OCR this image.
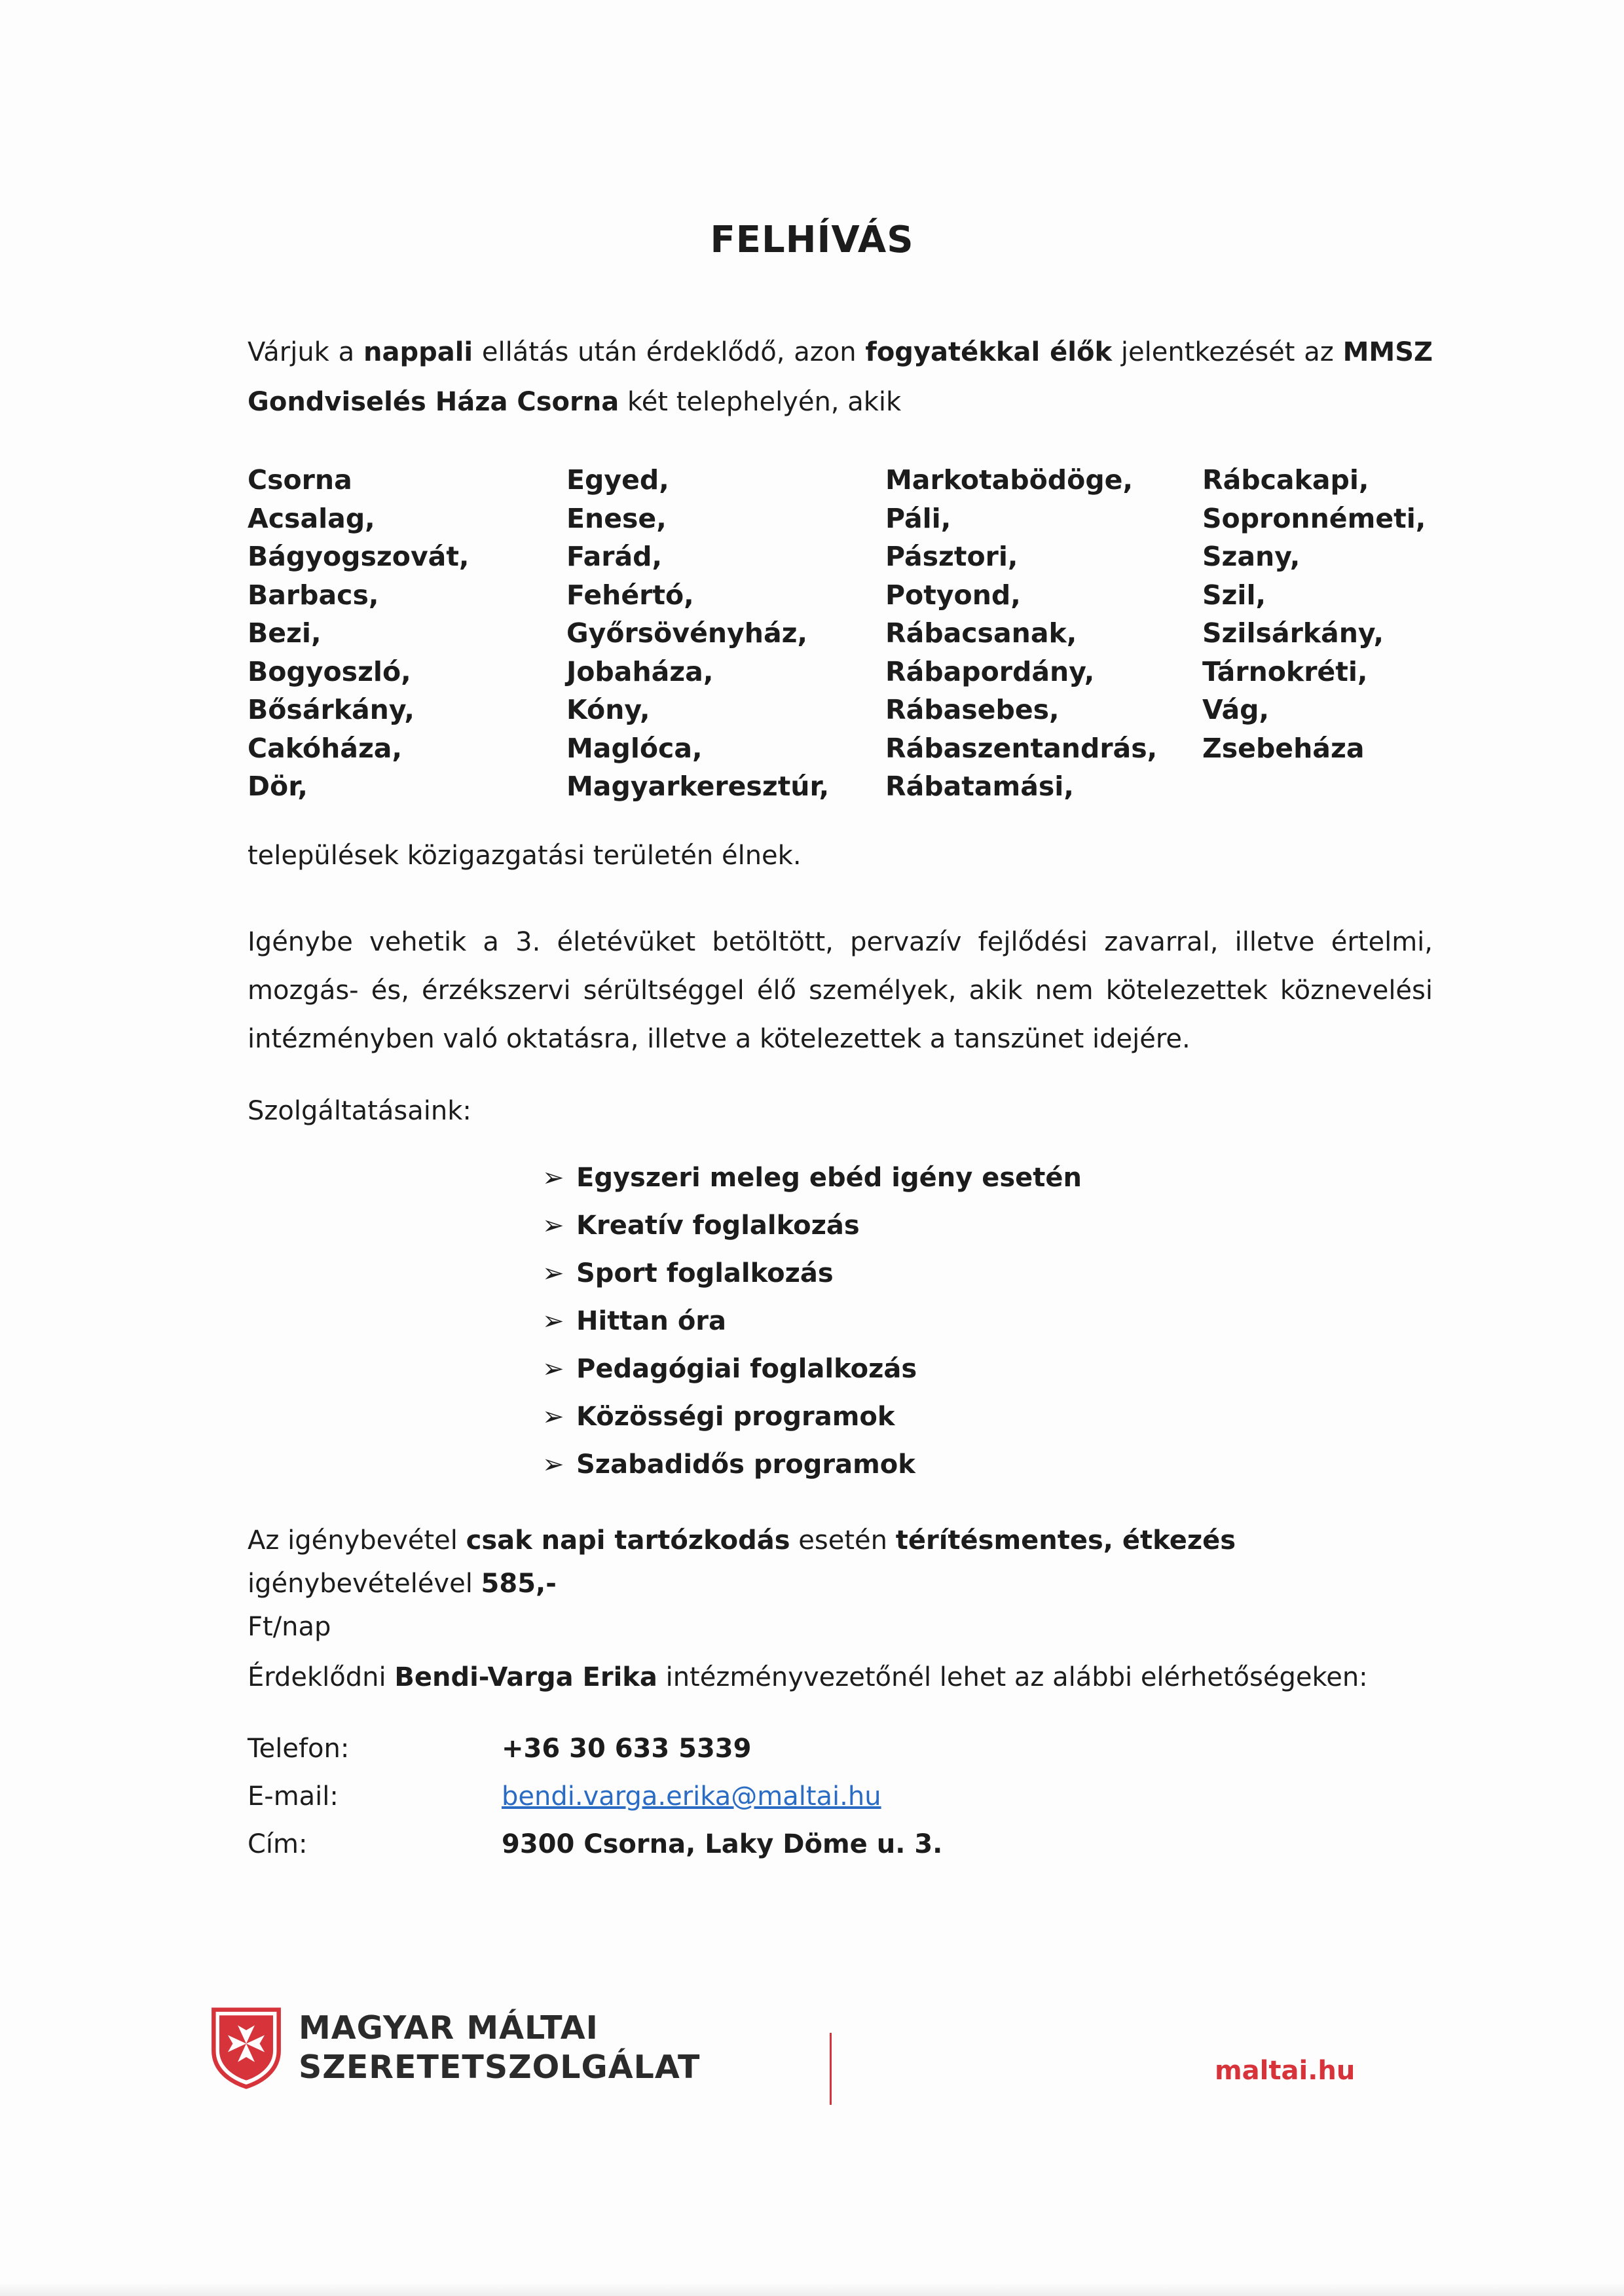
FELHÍVÁS
Várjuk a nappali ellátás után érdeklődő, azon fogyatékkal élők jelentkezését az MMSZ Gondviselés Háza Csorna két telephelyén, akik
Csorna
Acsalag,
Bágyogszovát,
Barbacs,
Bezi,
Bogyoszló,
Bősárkány,
Cakóháza,
Dör,
Egyed,
Enese,
Farád,
Fehértó,
Győrsövényház,
Jobaháza,
Kóny,
Maglóca,
Magyarkeresztúr,
Markotabödöge,
Páli,
Pásztori,
Potyond,
Rábacsanak,
Rábapordány,
Rábasebes,
Rábaszentandrás,
Rábatamási,
Rábcakapi,
Sopronnémeti,
Szany,
Szil,
Szilsárkány,
Tárnokréti,
Vág,
Zsebeháza
települések közigazgatási területén élnek.
Igénybe vehetik a 3. életévüket betöltött, pervazív fejlődési zavarral, illetve értelmi, mozgás- és, érzékszervi sérültséggel élő személyek, akik nem kötelezettek köznevelési intézményben való oktatásra, illetve a kötelezettek a tanszünet idejére.
Szolgáltatásaink:
➢ Egyszeri meleg ebéd igény esetén
➢ Kreatív foglalkozás
➢ Sport foglalkozás
➢ Hittan óra
➢ Pedagógiai foglalkozás
➢ Közösségi programok
➢ Szabadidős programok
Az igénybevétel csak napi tartózkodás esetén térítésmentes, étkezés igénybevételével 585,-
Ft/nap
Érdeklődni Bendi-Varga Erika intézményvezetőnél lehet az alábbi elérhetőségeken:
Telefon:	+36 30 633 5339
E-mail:	bendi.varga.erika@maltai.hu
Cím:	9300 Csorna, Laky Döme u. 3.
MAGYAR MÁLTAI
SZERETETSZOLGÁLAT	maltai.hu
